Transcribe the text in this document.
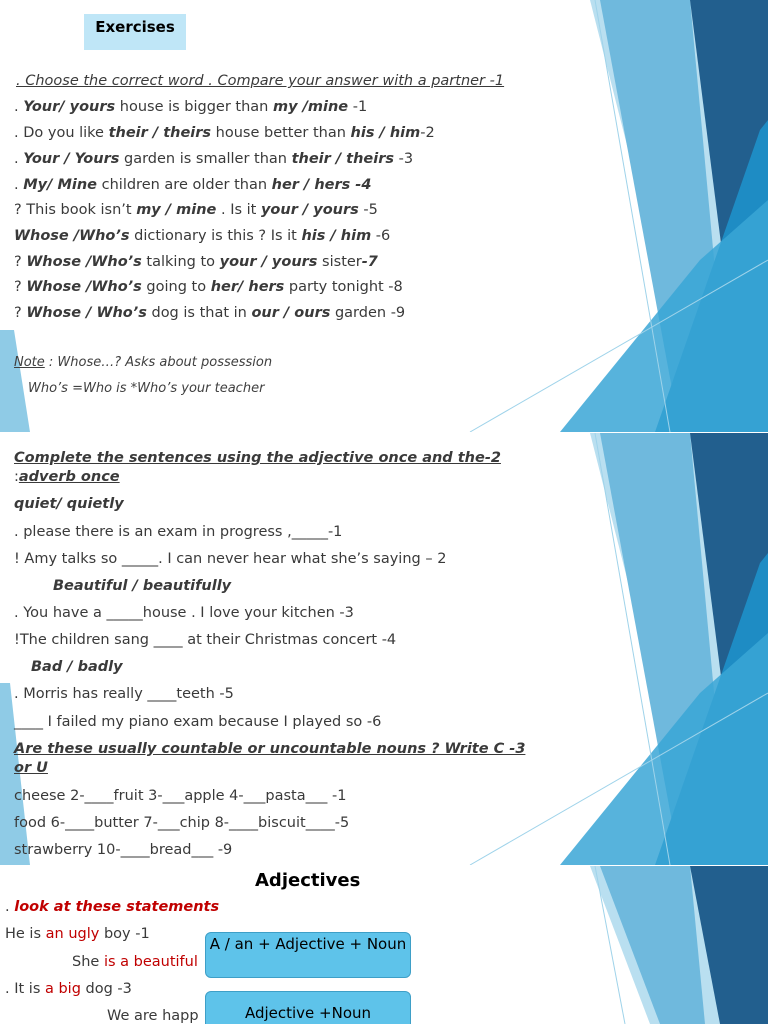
Exercises
. Choose the correct word . Compare your answer with a partner -1
. Your/ yours house is bigger than my /mine -1
. Do you like their / theirs house better than his / him-2
. Your / Yours garden is smaller than their / theirs -3
. My/ Mine children are older than her / hers -4
? This book isn’t my / mine . Is it your / yours -5
Whose /Who’s dictionary is this ? Is it his / him -6
? Whose /Who’s talking to your / yours sister-7
? Whose /Who’s going to her/ hers party tonight -8
? Whose / Who’s dog is that in our / ours garden -9
Note : Whose…? Asks about possession
Who’s =Who is *Who’s your teacher
Complete the sentences using the adjective once and the-2
:adverb once
quiet/ quietly
. please there is an exam in progress ,_____-1
! Amy talks so _____. I can never hear what she’s saying – 2
Beautiful / beautifully
. You have a _____house . I love your kitchen -3
!The children sang ____ at their Christmas concert -4
Bad / badly
. Morris has really ____teeth -5
____ I failed my piano exam because I played so -6
Are these usually countable or uncountable nouns ? Write C -3
or U
cheese 2-____fruit 3-___apple 4-___pasta___ -1
food 6-____butter 7-___chip 8-____biscuit____-5
strawberry 10-____bread___ -9
Adjectives
. look at these statements
He is an ugly boy -1
She is a beautiful
. It is a big dog -3
We are happ
A / an + Adjective + Noun
Adjective +Noun
